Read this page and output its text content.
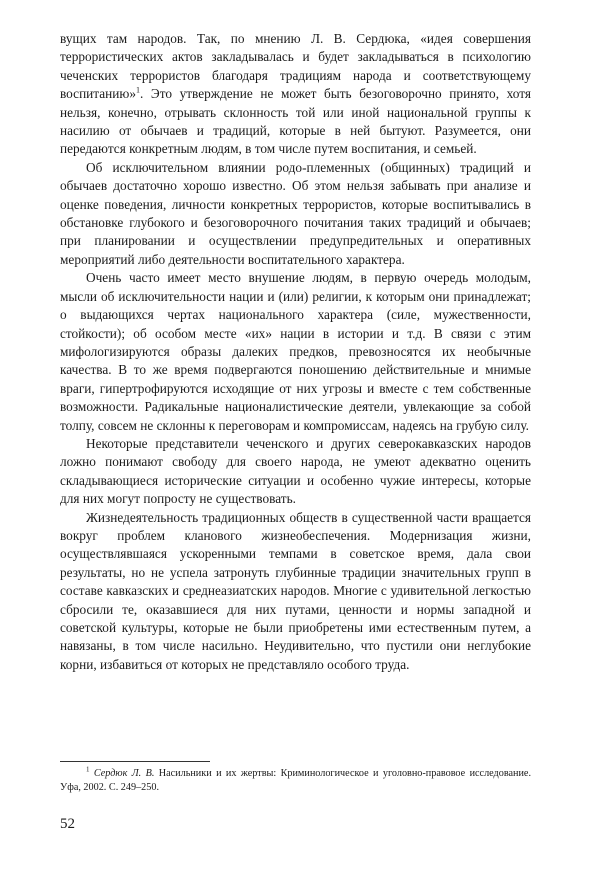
вущих там народов. Так, по мнению Л. В. Сердюка, «идея совершения террористических актов закладывалась и будет закладываться в психологию чеченских террористов благодаря традициям народа и соответствующему воспитанию»$^1$. Это утверждение не может быть безоговорочно принято, хотя нельзя, конечно, отрывать склонность той или иной национальной группы к насилию от обычаев и традиций, которые в ней бытуют. Разумеется, они передаются конкретным людям, в том числе путем воспитания, и семьей.

Об исключительном влиянии родо-племенных (общинных) традиций и обычаев достаточно хорошо известно. Об этом нельзя забывать при анализе и оценке поведения, личности конкретных террористов, которые воспитывались в обстановке глубокого и безоговорочного почитания таких традиций и обычаев; при планировании и осуществлении предупредительных и оперативных мероприятий либо деятельности воспитательного характера.

Очень часто имеет место внушение людям, в первую очередь молодым, мысли об исключительности нации и (или) религии, к которым они принадлежат; о выдающихся чертах национального характера (силе, мужественности, стойкости); об особом месте «их» нации в истории и т.д. В связи с этим мифологизируются образы далеких предков, превозносятся их необычные качества. В то же время подвергаются поношению действительные и мнимые враги, гипертрофируются исходящие от них угрозы и вместе с тем собственные возможности. Радикальные националистические деятели, увлекающие за собой толпу, совсем не склонны к переговорам и компромиссам, надеясь на грубую силу.

Некоторые представители чеченского и других северокавказских народов ложно понимают свободу для своего народа, не умеют адекватно оценить складывающиеся исторические ситуации и особенно чужие интересы, которые для них могут попросту не существовать.

Жизнедеятельность традиционных обществ в существенной части вращается вокруг проблем кланового жизнеобеспечения. Модернизация жизни, осуществлявшаяся ускоренными темпами в советское время, дала свои результаты, но не успела затронуть глубинные традиции значительных групп в составе кавказских и среднеазиатских народов. Многие с удивительной легкостью сбросили те, оказавшиеся для них путами, ценности и нормы западной и советской культуры, которые не были приобретены ими естественным путем, а навязаны, в том числе насильно. Неудивительно, что пустили они неглубокие корни, избавиться от которых не представляло особого труда.

$^1$ Сердюк Л. В. Насильники и их жертвы: Криминологическое и уголовно-правовое исследование. Уфа, 2002. С. 249–250.
52
